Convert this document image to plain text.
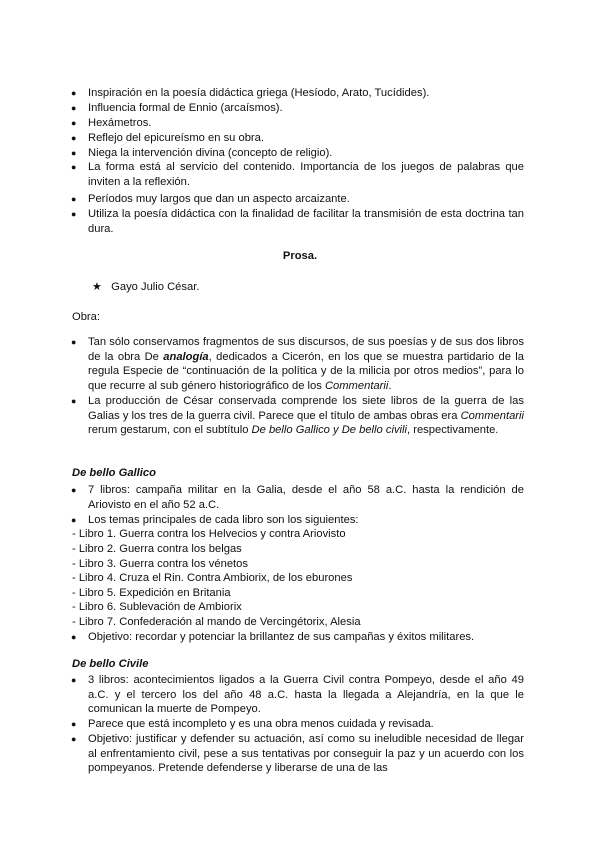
● Inspiración en la poesía didáctica griega (Hesíodo, Arato, Tucídides).
● Influencia formal de Ennio (arcaísmos).
● Hexámetros.
● Reflejo del epicureísmo en su obra.
● Niega la intervención divina (concepto de religio).
● La forma está al servicio del contenido. Importancia de los juegos de palabras que inviten a la reflexión.
● Períodos muy largos que dan un aspecto arcaizante.
● Utiliza la poesía didáctica con la finalidad de facilitar la transmisión de esta doctrina tan dura.
Prosa.
★ Gayo Julio César.
Obra:
● Tan sólo conservamos fragmentos de sus discursos, de sus poesías y de sus dos libros de la obra De analogía, dedicados a Cicerón, en los que se muestra partidario de la regula Especie de “continuación de la política y de la milicia por otros medios”, para lo que recurre al sub género historiográfico de los Commentarii.
● La producción de César conservada comprende los siete libros de la guerra de las Galias y los tres de la guerra civil. Parece que el título de ambas obras era Commentarii rerum gestarum, con el subtítulo De bello Gallico y De bello civili, respectivamente.
De bello Gallico
● 7 libros: campaña militar en la Galia, desde el año 58 a.C. hasta la rendición de Ariovisto en el año 52 a.C.
● Los temas principales de cada libro son los siguientes:
- Libro 1. Guerra contra los Helvecios y contra Ariovisto
- Libro 2. Guerra contra los belgas
- Libro 3. Guerra contra los vénetos
- Libro 4. Cruza el Rin. Contra Ambiorix, de los eburones
- Libro 5. Expedición en Britania
- Libro 6. Sublevación de Ambiorix
- Libro 7. Confederación al mando de Vercingétorix, Alesia
● Objetivo: recordar y potenciar la brillantez de sus campañas y éxitos militares.
De bello Civile
● 3 libros: acontecimientos ligados a la Guerra Civil contra Pompeyo, desde el año 49 a.C. y el tercero los del año 48 a.C. hasta la llegada a Alejandría, en la que le comunican la muerte de Pompeyo.
● Parece que está incompleto y es una obra menos cuidada y revisada.
● Objetivo: justificar y defender su actuación, así como su ineludible necesidad de llegar al enfrentamiento civil, pese a sus tentativas por conseguir la paz y un acuerdo con los pompeyanos. Pretende defenderse y liberarse de una de las
